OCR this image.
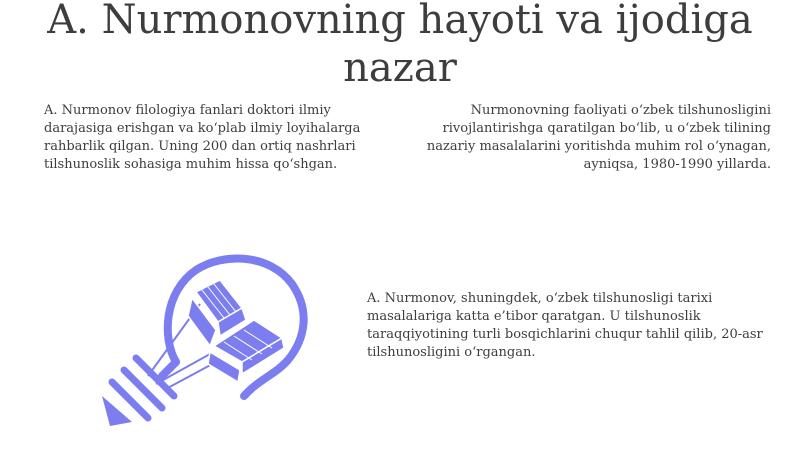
A. Nurmonovning hayoti va ijodiga nazar

A. Nurmonov filologiya fanlari doktori ilmiy darajasiga erishgan va ko‘plab ilmiy loyihalarga rahbarlik qilgan. Uning 200 dan ortiq nashrlari tilshunoslik sohasiga muhim hissa qo‘shgan.

Nurmonovning faoliyati o‘zbek tilshunosligini rivojlantirishga qaratilgan bo‘lib, u o‘zbek tilining nazariy masalalarini yoritishda muhim rol o‘ynagan, ayniqsa, 1980-1990 yillarda.

A. Nurmonov, shuningdek, o‘zbek tilshunosligi tarixi masalalariga katta e’tibor qaratgan. U tilshunoslik taraqqiyotining turli bosqichlarini chuqur tahlil qilib, 20-asr tilshunosligini o‘rgangan.
